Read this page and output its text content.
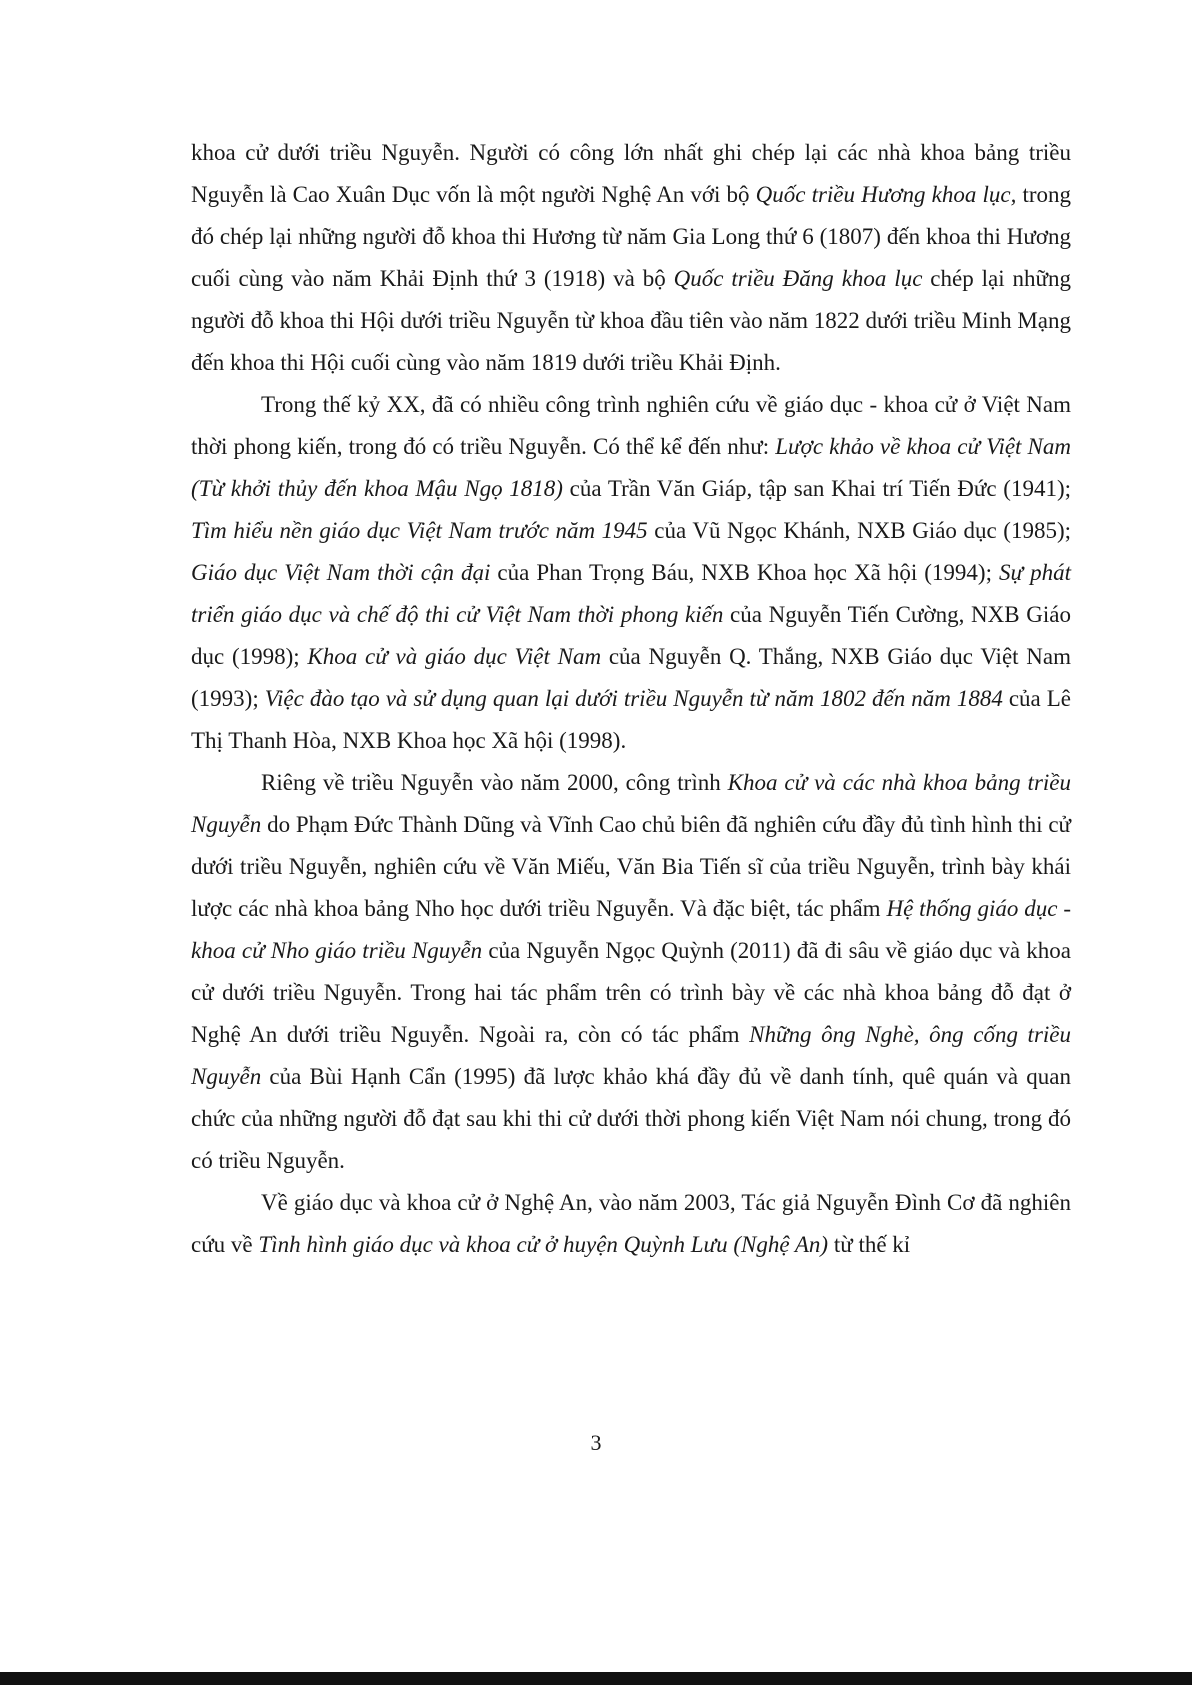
khoa cử dưới triều Nguyễn. Người có công lớn nhất ghi chép lại các nhà khoa bảng triều Nguyễn là Cao Xuân Dục vốn là một người Nghệ An với bộ Quốc triều Hương khoa lục, trong đó chép lại những người đỗ khoa thi Hương từ năm Gia Long thứ 6 (1807) đến khoa thi Hương cuối cùng vào năm Khải Định thứ 3 (1918) và bộ Quốc triều Đăng khoa lục chép lại những người đỗ khoa thi Hội dưới triều Nguyễn từ khoa đầu tiên vào năm 1822 dưới triều Minh Mạng đến khoa thi Hội cuối cùng vào năm 1819 dưới triều Khải Định.

Trong thế kỷ XX, đã có nhiều công trình nghiên cứu về giáo dục - khoa cử ở Việt Nam thời phong kiến, trong đó có triều Nguyễn. Có thể kể đến như: Lược khảo về khoa cử Việt Nam (Từ khởi thủy đến khoa Mậu Ngọ 1818) của Trần Văn Giáp, tập san Khai trí Tiến Đức (1941); Tìm hiểu nền giáo dục Việt Nam trước năm 1945 của Vũ Ngọc Khánh, NXB Giáo dục (1985); Giáo dục Việt Nam thời cận đại của Phan Trọng Báu, NXB Khoa học Xã hội (1994); Sự phát triển giáo dục và chế độ thi cử Việt Nam thời phong kiến của Nguyễn Tiến Cường, NXB Giáo dục (1998); Khoa cử và giáo dục Việt Nam của Nguyễn Q. Thắng, NXB Giáo dục Việt Nam (1993); Việc đào tạo và sử dụng quan lại dưới triều Nguyễn từ năm 1802 đến năm 1884 của Lê Thị Thanh Hòa, NXB Khoa học Xã hội (1998).

Riêng về triều Nguyễn vào năm 2000, công trình Khoa cử và các nhà khoa bảng triều Nguyễn do Phạm Đức Thành Dũng và Vĩnh Cao chủ biên đã nghiên cứu đầy đủ tình hình thi cử dưới triều Nguyễn, nghiên cứu về Văn Miếu, Văn Bia Tiến sĩ của triều Nguyễn, trình bày khái lược các nhà khoa bảng Nho học dưới triều Nguyễn. Và đặc biệt, tác phẩm Hệ thống giáo dục - khoa cử Nho giáo triều Nguyễn của Nguyễn Ngọc Quỳnh (2011) đã đi sâu về giáo dục và khoa cử dưới triều Nguyễn. Trong hai tác phẩm trên có trình bày về các nhà khoa bảng đỗ đạt ở Nghệ An dưới triều Nguyễn. Ngoài ra, còn có tác phẩm Những ông Nghè, ông cống triều Nguyễn của Bùi Hạnh Cẩn (1995) đã lược khảo khá đầy đủ về danh tính, quê quán và quan chức của những người đỗ đạt sau khi thi cử dưới thời phong kiến Việt Nam nói chung, trong đó có triều Nguyễn.

Về giáo dục và khoa cử ở Nghệ An, vào năm 2003, Tác giả Nguyễn Đình Cơ đã nghiên cứu về Tình hình giáo dục và khoa cử ở huyện Quỳnh Lưu (Nghệ An) từ thế kỉ

3
